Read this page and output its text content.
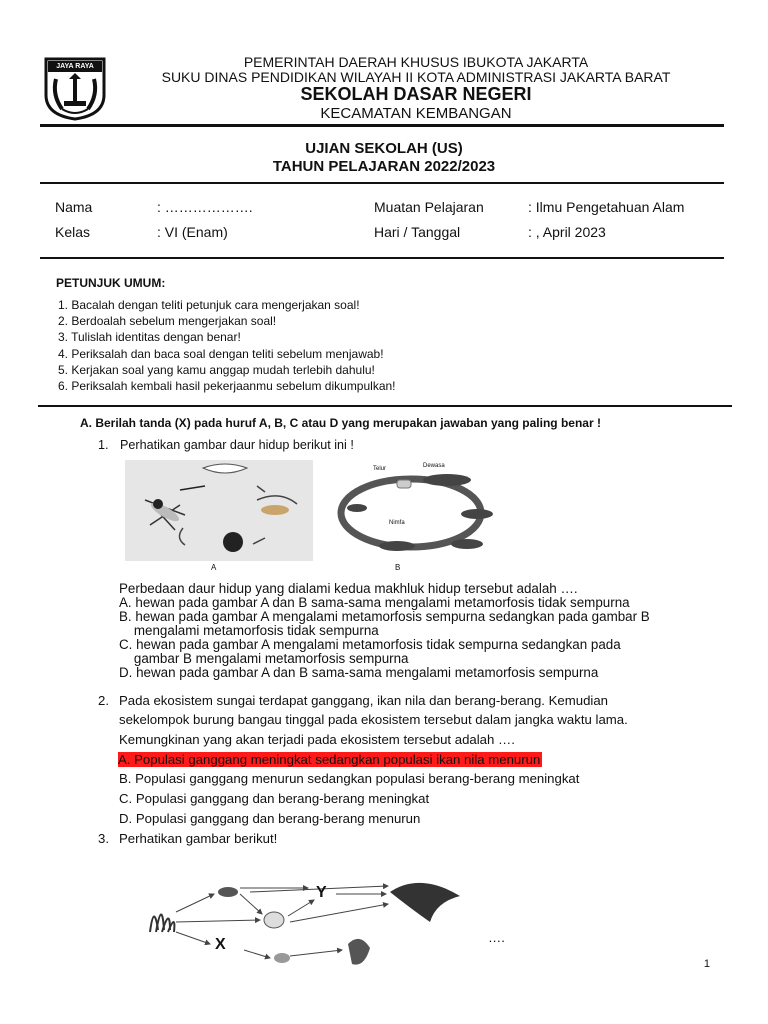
JAYA RAYA	PEMERINTAH DAERAH KHUSUS IBUKOTA JAKARTA
SUKU DINAS PENDIDIKAN WILAYAH II KOTA ADMINISTRASI JAKARTA BARAT
SEKOLAH DASAR NEGERI
KECAMATAN KEMBANGAN
UJIAN SEKOLAH (US)
TAHUN PELAJARAN 2022/2023
Nama	: ……………….	Muatan Pelajaran	: Ilmu Pengetahuan Alam
Kelas	: VI (Enam)	Hari / Tanggal	: , April 2023
PETUNJUK UMUM:
1. Bacalah dengan teliti petunjuk cara mengerjakan soal!
2. Berdoalah sebelum mengerjakan soal!
3. Tulislah identitas dengan benar!
4. Periksalah dan baca soal dengan teliti sebelum menjawab!
5. Kerjakan soal yang kamu anggap mudah terlebih dahulu!
6. Periksalah kembali hasil pekerjaanmu sebelum dikumpulkan!
A. Berilah tanda (X) pada huruf A, B, C atau D yang merupakan jawaban yang paling benar !
1. Perhatikan gambar daur hidup berikut ini !
A
Telur	Dewasa
Nimfa
B
Perbedaan daur hidup yang dialami kedua makhluk hidup tersebut adalah ….
A. hewan pada gambar A dan B sama-sama mengalami metamorfosis tidak sempurna
B. hewan pada gambar A mengalami metamorfosis sempurna sedangkan pada gambar B
mengalami metamorfosis tidak sempurna
C. hewan pada gambar A mengalami metamorfosis tidak sempurna sedangkan pada
gambar B mengalami metamorfosis sempurna
D. hewan pada gambar A dan B sama-sama mengalami metamorfosis sempurna
2. Pada ekosistem sungai terdapat ganggang, ikan nila dan berang-berang. Kemudian
sekelompok burung bangau tinggal pada ekosistem tersebut dalam jangka waktu lama.
Kemungkinan yang akan terjadi pada ekosistem tersebut adalah ….
A. Populasi ganggang meningkat sedangkan populasi ikan nila menurun
B. Populasi ganggang menurun sedangkan populasi berang-berang meningkat
C. Populasi ganggang dan berang-berang meningkat
D. Populasi ganggang dan berang-berang menurun
3. Perhatikan gambar berikut!
Y
X	….
1
